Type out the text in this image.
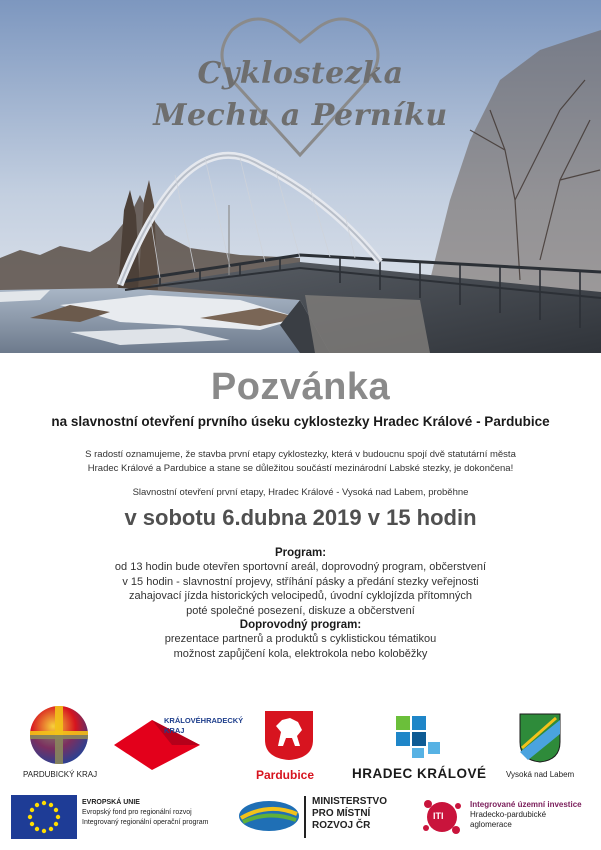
Cyklostezka
Mechu a Perníku
Pozvánka
na slavnostní otevření prvního úseku cyklostezky Hradec Králové - Pardubice
S radostí oznamujeme, že stavba první etapy cyklostezky, která v budoucnu spojí dvě statutární města
Hradec Králové a Pardubice a stane se důležitou součástí mezinárodní Labské stezky, je dokončena!
Slavnostní otevření první etapy, Hradec Králové - Vysoká nad Labem, proběhne
v sobotu 6.dubna 2019 v 15 hodin
Program:
od 13 hodin bude otevřen sportovní areál, doprovodný program, občerstvení
v 15 hodin - slavnostní projevy, stříhání pásky a předání stezky veřejnosti
zahajovací jízda historických velocipedů, úvodní cyklojízda přítomných
poté společné posezení, diskuze a občerstvení
Doprovodný program:
prezentace partnerů a produktů s cyklistickou tématikou
možnost zapůjčení kola, elektrokola nebo koloběžky
PARDUBICKÝ KRAJ
KRÁLOVÉHRADECKÝ
KRAJ
Pardubice	HRADEC KRÁLOVÉ Vysoká nad Labem
EVROPSKÁ UNIE
Evropský fond pro regionální rozvoj
Integrovaný regionální operační program
MINISTERSTVO
PRO MÍSTNÍ
ROZVOJ ČR
ITI
Integrované územní investice
Hradecko-pardubické
aglomerace
